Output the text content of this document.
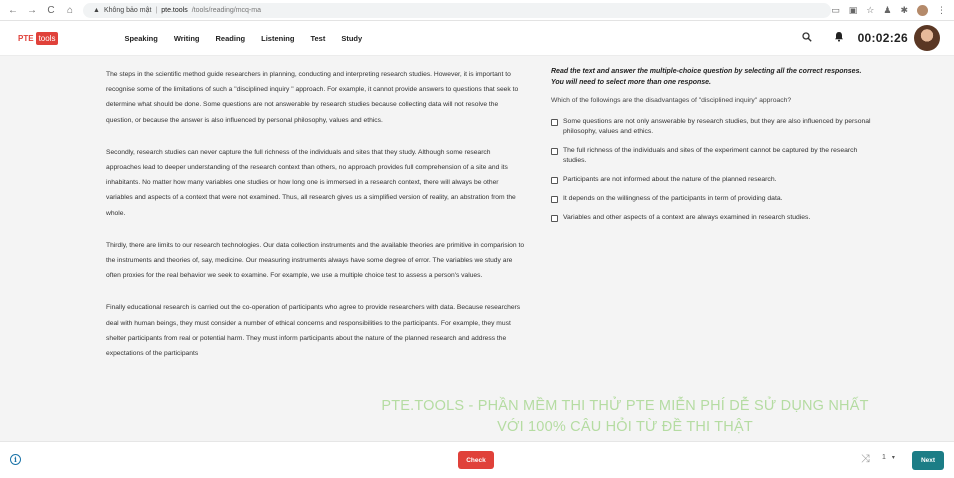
← → C ⌂	▲ Không bảo mật | pte.tools /tools/reading/mcq-ma	▭ ▣ ☆ ♟ ✱	⋮
PTE tools	Speaking Writing Reading Listening Test Study	00:02:26

The steps in the scientific method guide researchers in planning, conducting and interpreting research studies. However, it is important to recognise some of the limitations of such a "disciplined inquiry " approach. For example, it cannot provide answers to questions that seek to determine what should be done. Some questions are not answerable by research studies because collecting data will not resolve the question, or because the answer is also influenced by personal philosophy, values and ethics.

Secondly, research studies can never capture the full richness of the individuals and sites that they study. Although some research approaches lead to deeper understanding of the research context than others, no approach provides full comprehension of a site and its inhabitants. No matter how many variables one studies or how long one is immersed in a research context, there will always be other variables and aspects of a context that were not examined. Thus, all research gives us a simplified version of reality, an abstration from the whole.

Thirdly, there are limits to our research technologies. Our data collection instruments and the available theories are primitive in comparision to the instruments and theories of, say, medicine. Our measuring instruments always have some degree of error. The variables we study are often proxies for the real behavior we seek to examine. For example, we use a multiple choice test to assess a person's values.

Finally educational research is carried out the co-operation of participants who agree to provide researchers with data. Because researchers deal with human beings, they must consider a number of ethical concerns and responsibilities to the participants. For example, they must shelter participants from real or potential harm. They must inform participants about the nature of the planned research and address the expectations of the participants

Read the text and answer the multiple-choice question by selecting all the correct responses. You will need to select more than one response.
Which of the followings are the disadvantages of "disciplined inquiry" approach?
Some questions are not only answerable by research studies, but they are also influenced by personal philosophy, values and ethics.
The full richness of the individuals and sites of the experiment cannot be captured by the research studies.
Participants are not informed about the nature of the planned research.
It depends on the willingness of the participants in term of providing data.
Variables and other aspects of a context are always examined in research studies.
PTE.TOOLS - PHẦN MỀM THI THỬ PTE MIỄN PHÍ DỄ SỬ DỤNG NHẤT
VỚI 100% CÂU HỎI TỪ ĐỀ THI THẬT
i	Check	⤨ 1 ▾	Next
